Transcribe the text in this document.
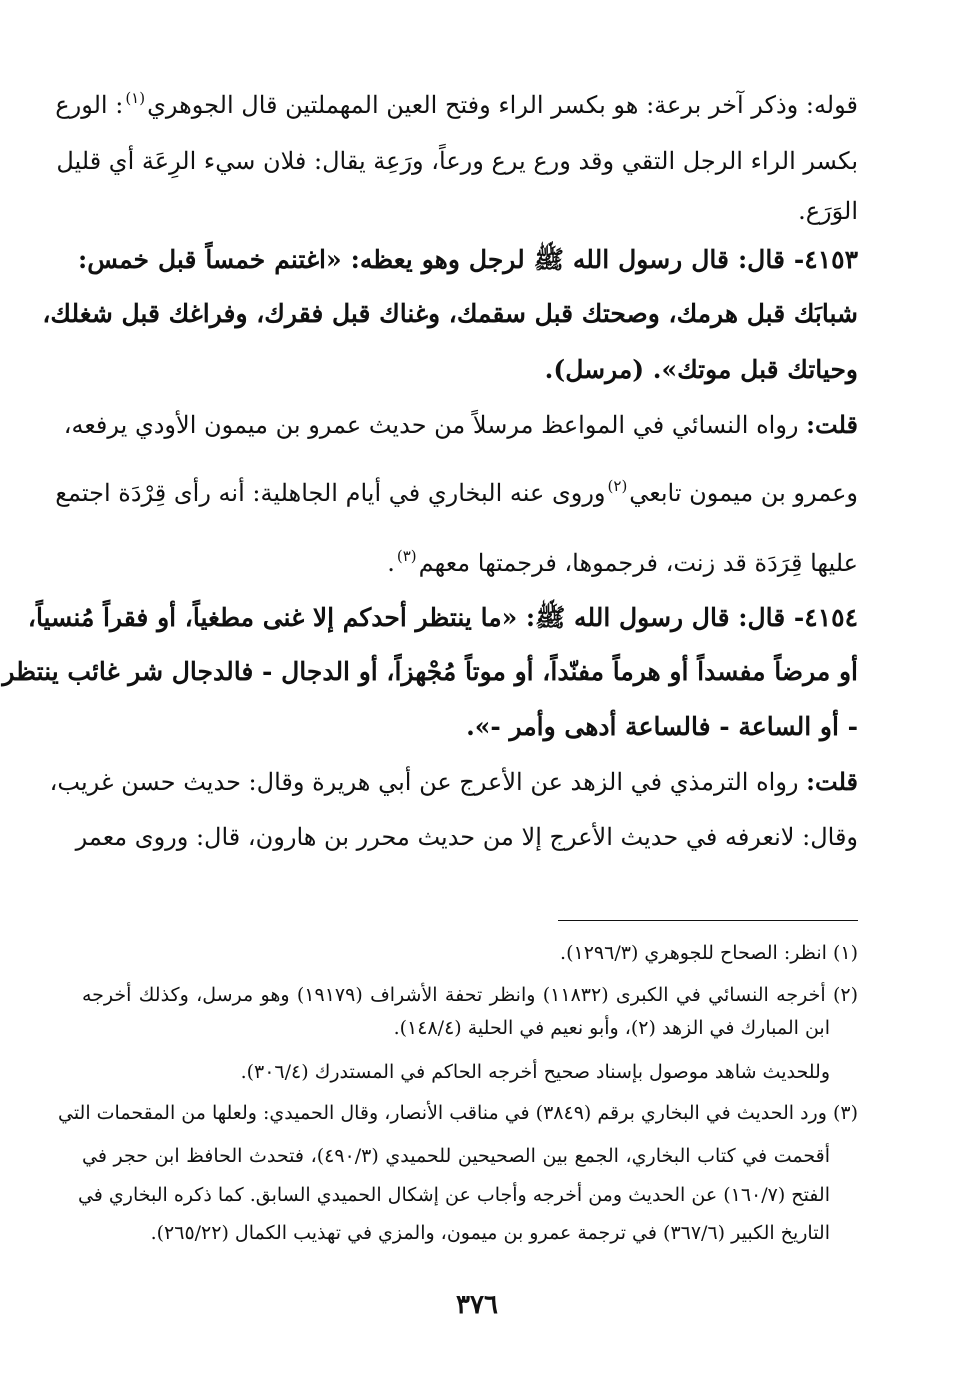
قوله: وذكر آخر برعة: هو بكسر الراء وفتح العين المهملتين قال الجوهري$^{(١)}$: الورع
بكسر الراء الرجل التقي وقد ورع يرع ورعاً، ورَعِة يقال: فلان سيء الرِعَة أي قليل
الوَرَع.
٤١٥٣- قال: قال رسول الله ﷺ لرجل وهو يعظه: «اغتنم خمساً قبل خمس:
شبابَك قبل هرمك، وصحتك قبل سقمك، وغناك قبل فقرك، وفراغك قبل شغلك،
وحياتك قبل موتك». (مرسل).
قلت: رواه النسائي في المواعظ مرسلاً من حديث عمرو بن ميمون الأودي يرفعه،
وعمرو بن ميمون تابعي$^{(٢)}$وروى عنه البخاري في أيام الجاهلية: أنه رأى قِرْدَة اجتمع
عليها قِرَدَة قد زنت، فرجموها، فرجمتها معهم$^{(٣)}$.
٤١٥٤- قال: قال رسول الله ﷺ: «ما ينتظر أحدكم إلا غنى مطغياً، أو فقراً مُنسياً،
أو مرضاً مفسداً أو هرماً مفنّداً، أو موتاً مُجْهزاً، أو الدجال - فالدجال شر غائب ينتظر
- أو الساعة - فالساعة أدهى وأمر -».
قلت: رواه الترمذي في الزهد عن الأعرج عن أبي هريرة وقال: حديث حسن غريب،
وقال: لانعرفه في حديث الأعرج إلا من حديث محرر بن هارون، قال: وروى معمر
(١) انظر: الصحاح للجوهري (١٢٩٦/٣).
(٢) أخرجه النسائي في الكبرى (١١٨٣٢) وانظر تحفة الأشراف (١٩١٧٩) وهو مرسل، وكذلك أخرجه
ابن المبارك في الزهد (٢)، وأبو نعيم في الحلية (١٤٨/٤).
وللحديث شاهد موصول بإسناد صحيح أخرجه الحاكم في المستدرك (٣٠٦/٤).
(٣) ورد الحديث في البخاري برقم (٣٨٤٩) في مناقب الأنصار، وقال الحميدي: ولعلها من المقحمات التي
أقحمت في كتاب البخاري، الجمع بين الصحيحين للحميدي (٤٩٠/٣)، فتحدث الحافظ ابن حجر في
الفتح (١٦٠/٧) عن الحديث ومن أخرجه وأجاب عن إشكال الحميدي السابق. كما ذكره البخاري في
التاريخ الكبير (٣٦٧/٦) في ترجمة عمرو بن ميمون، والمزي في تهذيب الكمال (٢٦٥/٢٢).
٣٧٦
